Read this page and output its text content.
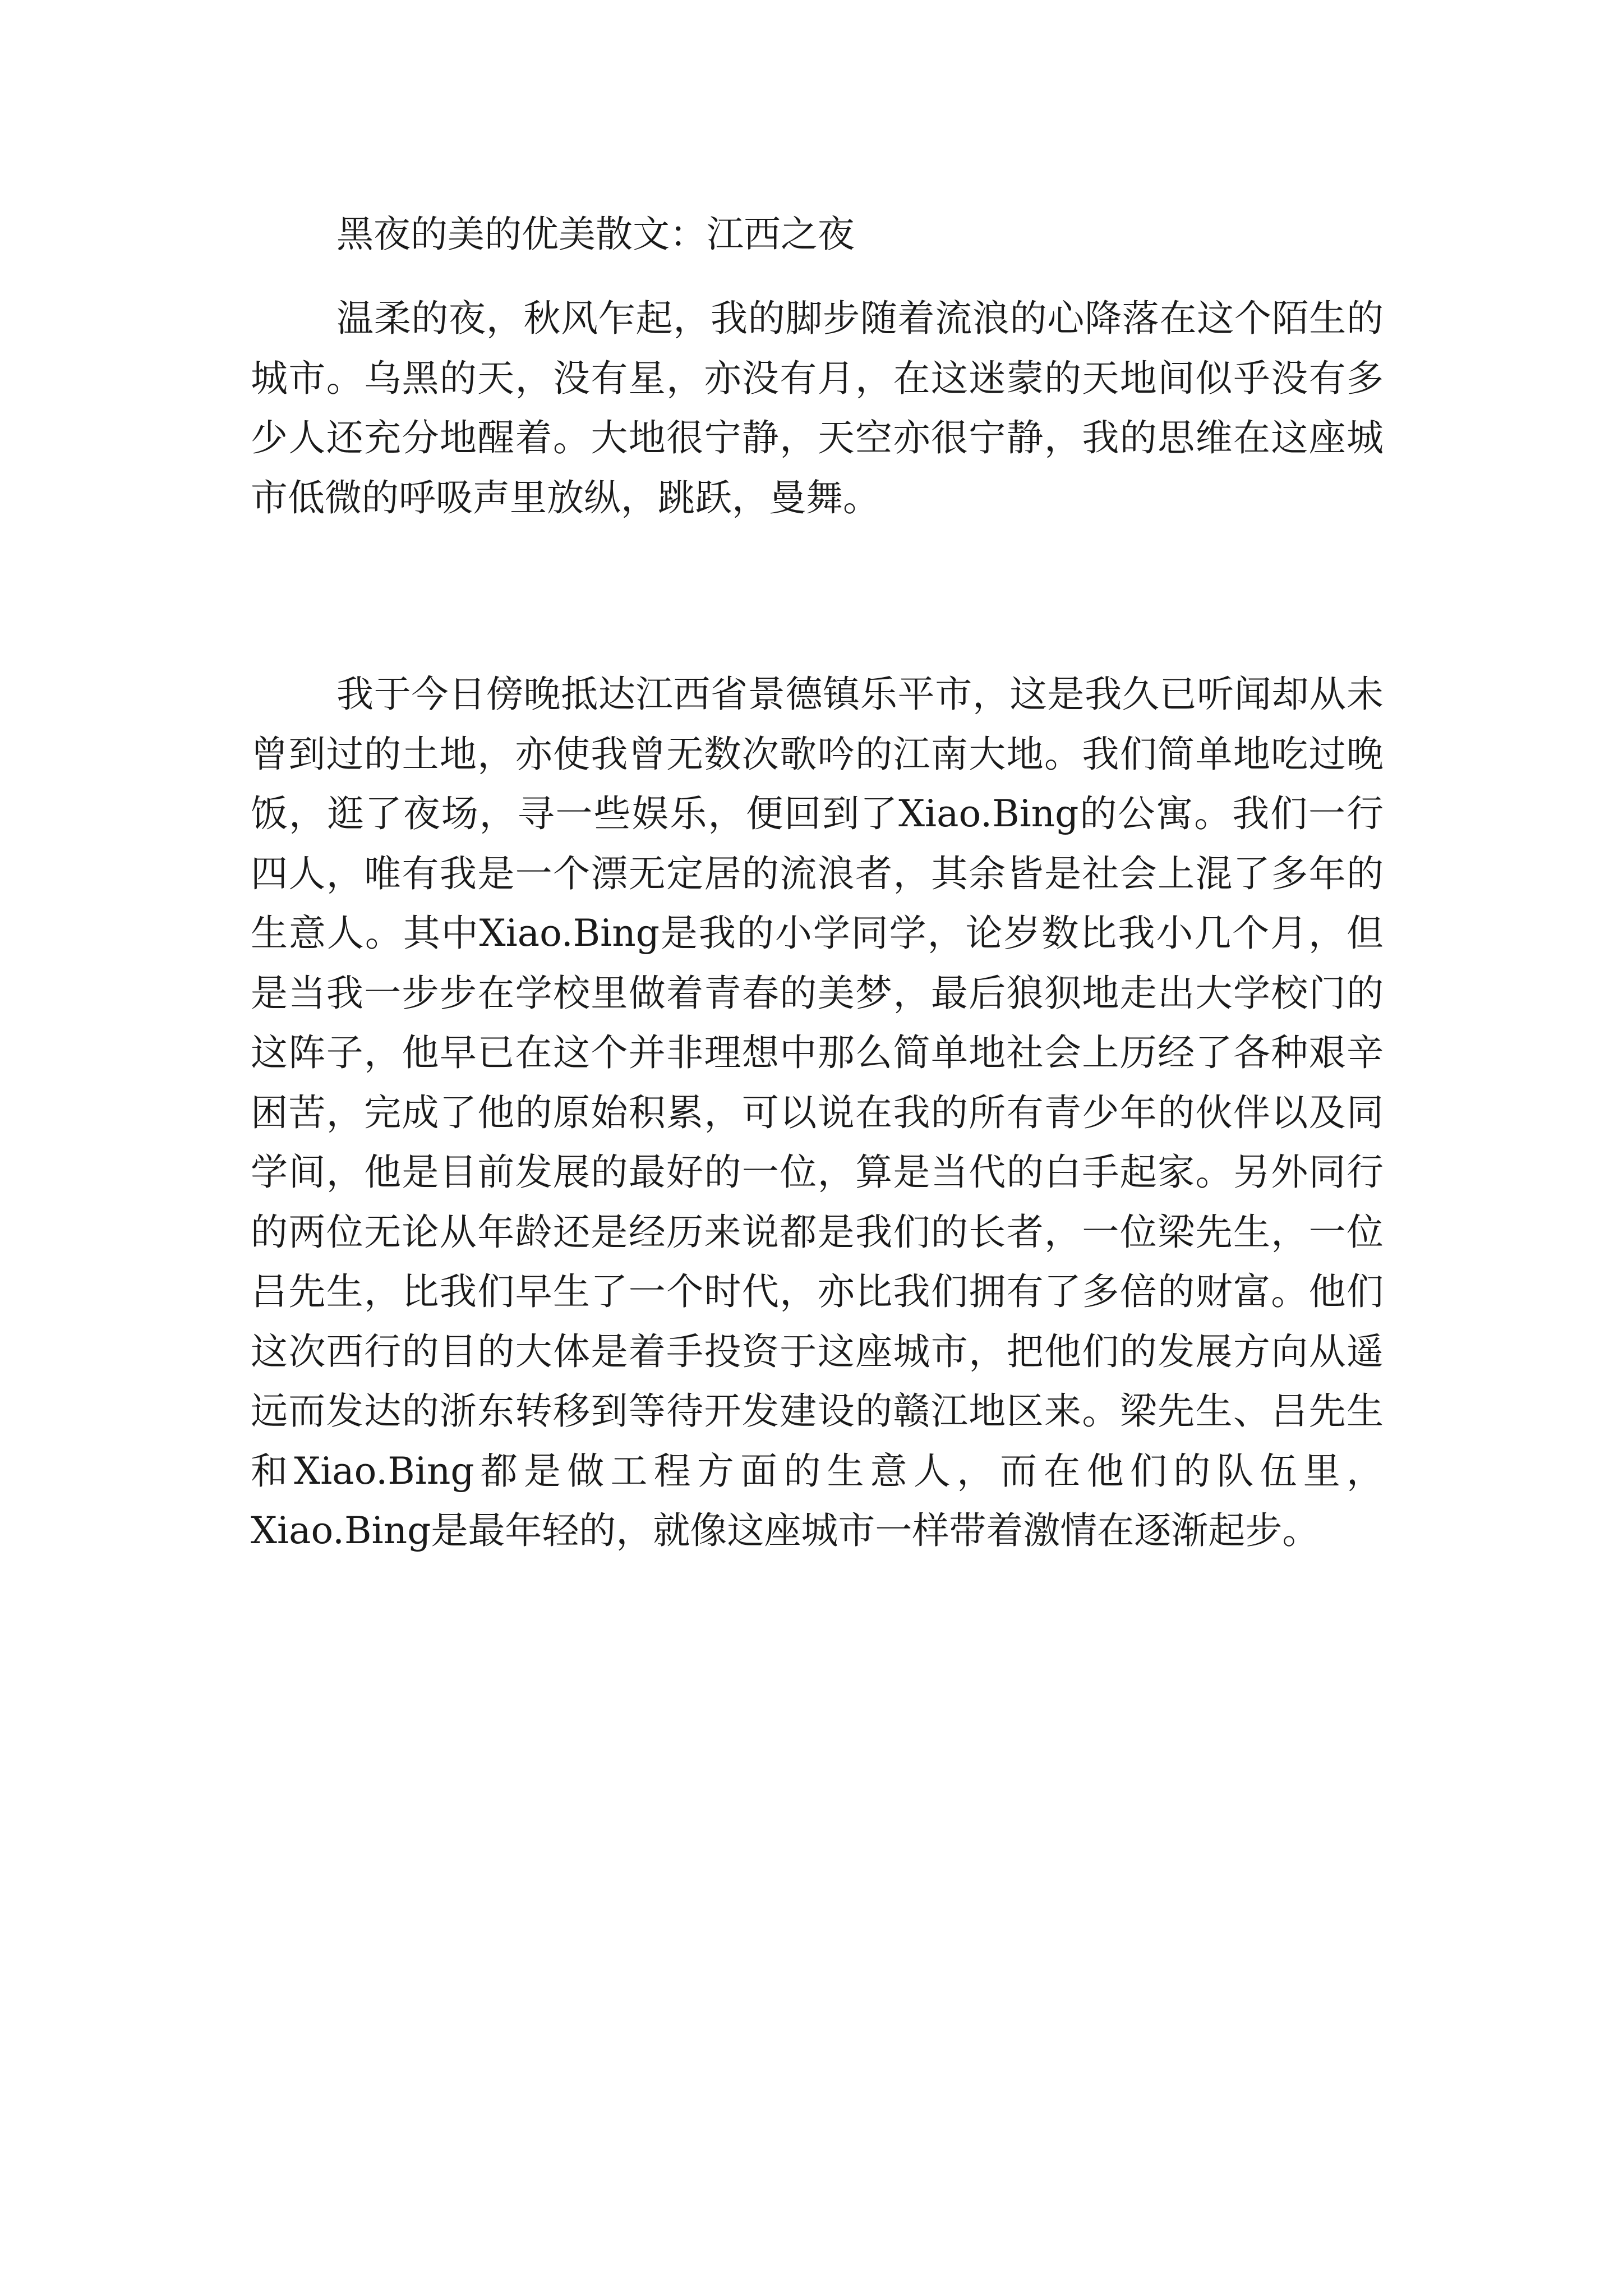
黑夜的美的优美散文：江西之夜

温柔的夜，秋风乍起，我的脚步随着流浪的心降落在这个陌生的城市。乌黑的天，没有星，亦没有月，在这迷蒙的天地间似乎没有多少人还充分地醒着。大地很宁静，天空亦很宁静，我的思维在这座城市低微的呼吸声里放纵，跳跃，曼舞。

我于今日傍晚抵达江西省景德镇乐平市，这是我久已听闻却从未曾到过的土地，亦使我曾无数次歌吟的江南大地。我们简单地吃过晚饭，逛了夜场，寻一些娱乐，便回到了Xiao.Bing的公寓。我们一行四人，唯有我是一个漂无定居的流浪者，其余皆是社会上混了多年的生意人。其中Xiao.Bing是我的小学同学，论岁数比我小几个月，但是当我一步步在学校里做着青春的美梦，最后狼狈地走出大学校门的这阵子，他早已在这个并非理想中那么简单地社会上历经了各种艰辛困苦，完成了他的原始积累，可以说在我的所有青少年的伙伴以及同学间，他是目前发展的最好的一位，算是当代的白手起家。另外同行的两位无论从年龄还是经历来说都是我们的长者，一位梁先生，一位吕先生，比我们早生了一个时代，亦比我们拥有了多倍的财富。他们这次西行的目的大体是着手投资于这座城市，把他们的发展方向从遥远而发达的浙东转移到等待开发建设的赣江地区来。梁先生、吕先生和Xiao.Bing都是做工程方面的生意人，而在他们的队伍里，Xiao.Bing是最年轻的，就像这座城市一样带着激情在逐渐起步。
